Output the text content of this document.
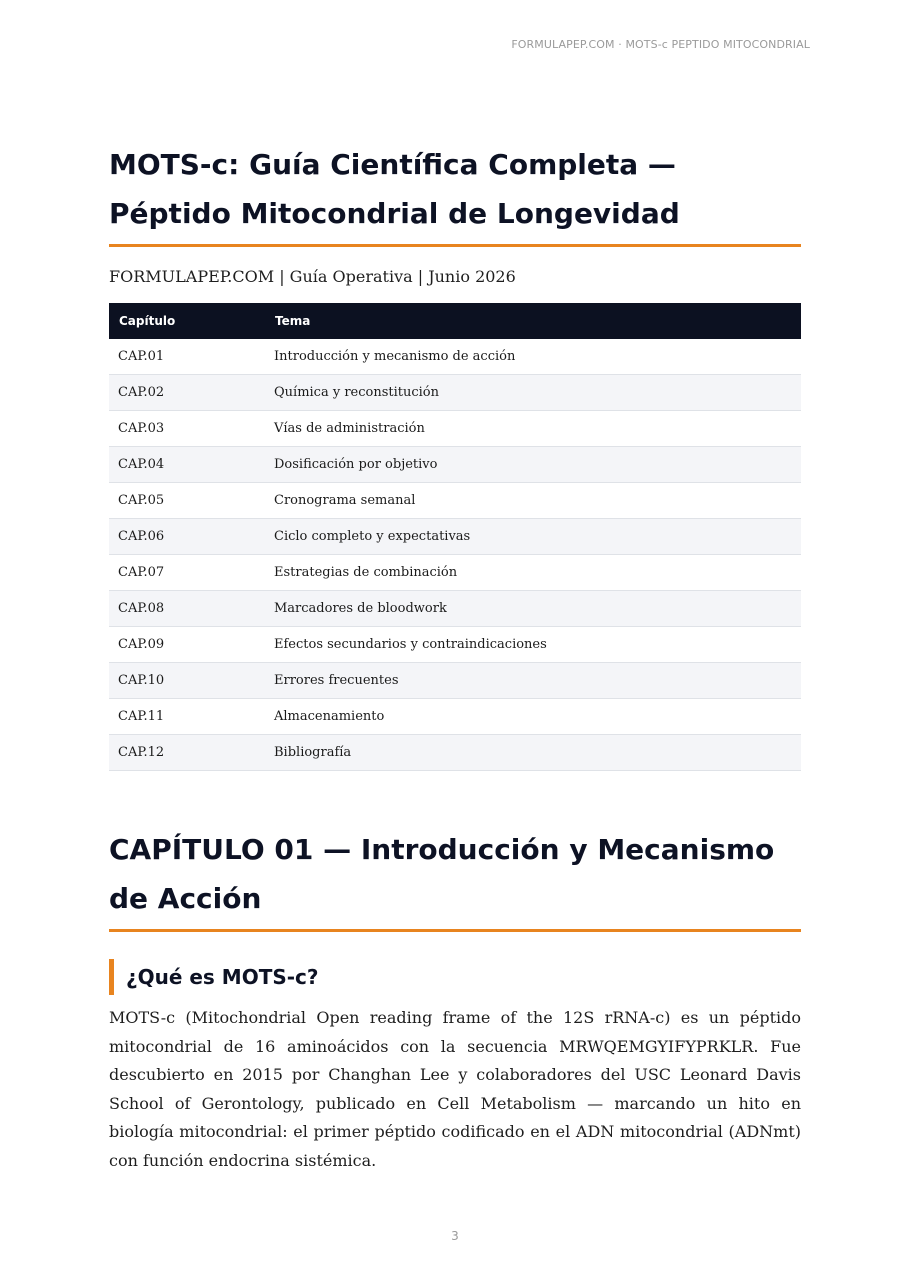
FORMULAPEP.COM · MOTS-c PEPTIDO MITOCONDRIAL
MOTS-c: Guía Científica Completa — Péptido Mitocondrial de Longevidad
FORMULAPEP.COM | Guía Operativa | Junio 2026
Capítulo	Tema
CAP.01	Introducción y mecanismo de acción
CAP.02	Química y reconstitución
CAP.03	Vías de administración
CAP.04	Dosificación por objetivo
CAP.05	Cronograma semanal
CAP.06	Ciclo completo y expectativas
CAP.07	Estrategias de combinación
CAP.08	Marcadores de bloodwork
CAP.09	Efectos secundarios y contraindicaciones
CAP.10	Errores frecuentes
CAP.11	Almacenamiento
CAP.12	Bibliografía
CAPÍTULO 01 — Introducción y Mecanismo de Acción
¿Qué es MOTS-c?

MOTS-c (Mitochondrial Open reading frame of the 12S rRNA-c) es un péptido mitocondrial de 16 aminoácidos con la secuencia MRWQEMGYIFYPRKLR. Fue descubierto en 2015 por Changhan Lee y colaboradores del USC Leonard Davis School of Gerontology, publicado en Cell Metabolism — marcando un hito en biología mitocondrial: el primer péptido codificado en el ADN mitocondrial (ADNmt) con función endocrina sistémica.

3
